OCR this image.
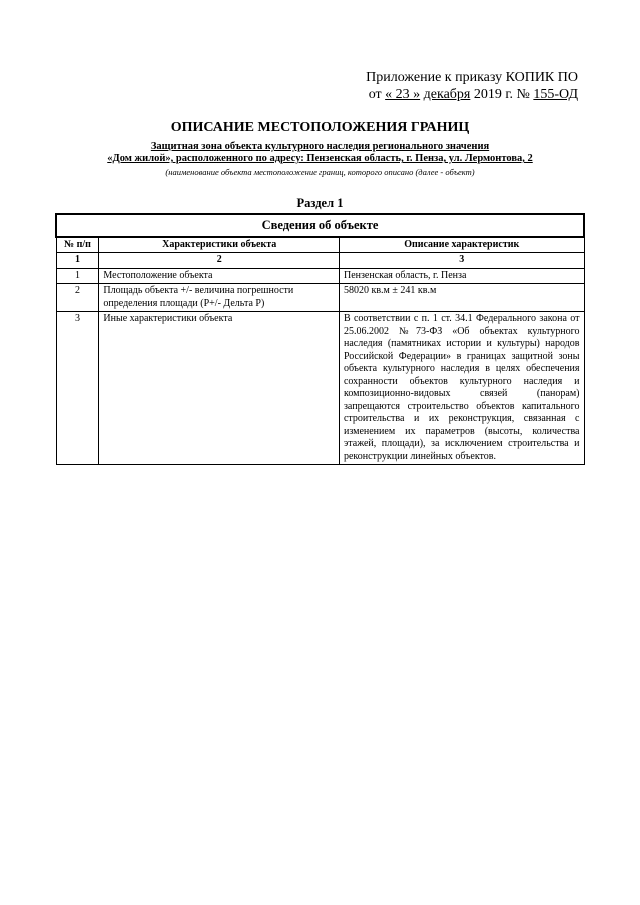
Приложение к приказу КОПИК ПО
от « 23 » декабря 2019 г. № 155-ОД
ОПИСАНИЕ МЕСТОПОЛОЖЕНИЯ ГРАНИЦ
Защитная зона объекта культурного наследия регионального значения
«Дом жилой», расположенного по адресу: Пензенская область, г. Пенза, ул. Лермонтова, 2
(наименование объекта местоположение границ, которого описано (далее - объект)
Раздел 1
Сведения об объекте		
№ п/п	Характеристики объекта	Описание характеристик
1	2	3
1	Местоположение объекта	Пензенская область, г. Пенза
2	Площадь объекта +/- величина погрешности определения площади (Р+/- Дельта Р)	58020 кв.м ± 241 кв.м
3	Иные характеристики объекта	В соответствии с п. 1 ст. 34.1 Федерального закона от 25.06.2002 №73-ФЗ «Об объектах культурного наследия (памятниках истории и культуры) народов Российской Федерации» в границах защитной зоны объекта культурного наследия в целях обеспечения сохранности объектов культурного наследия и композиционно-видовых связей (панорам) запрещаются строительство объектов капитального строительства и их реконструкция, связанная с изменением их параметров (высоты, количества этажей, площади), за исключением строительства и реконструкции линейных объектов.
